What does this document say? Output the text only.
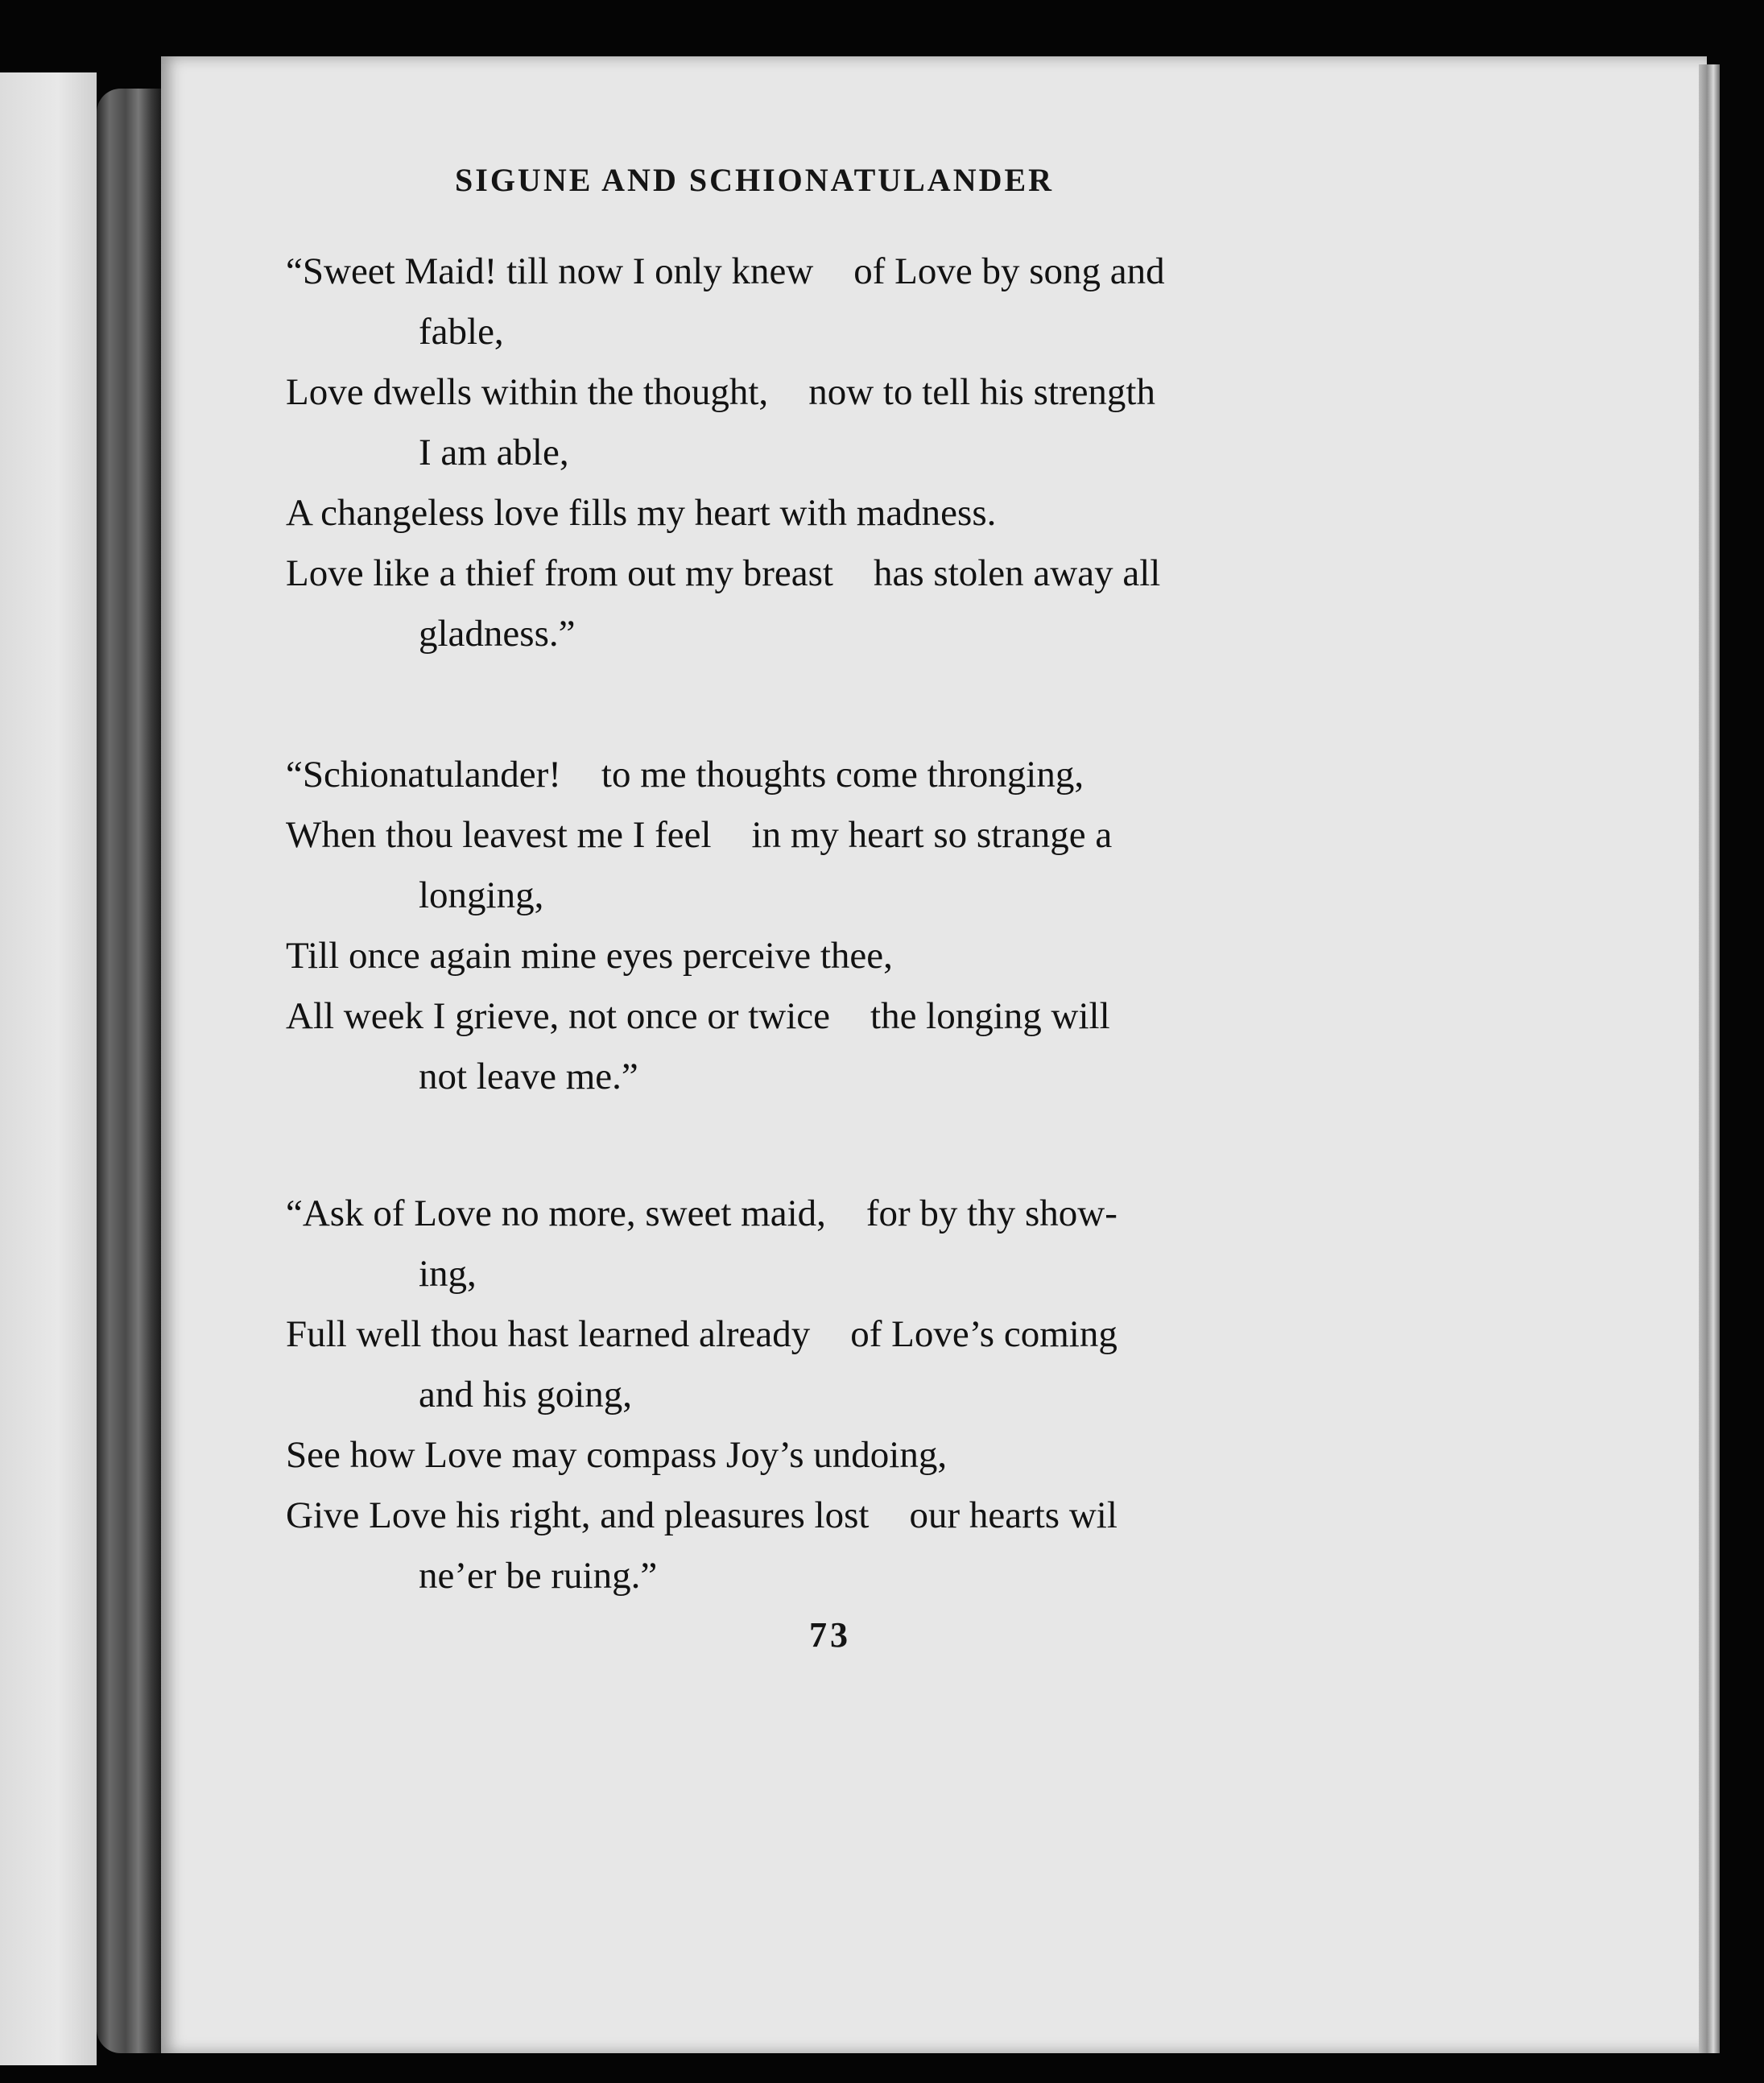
SIGUNE AND SCHIONATULANDER
“Sweet Maid! till now I only knew of Love by song and
fable,
Love dwells within the thought, now to tell his strength
I am able,
A changeless love fills my heart with madness.
Love like a thief from out my breast has stolen away all
gladness.”
“Schionatulander! to me thoughts come thronging,
When thou leavest me I feel in my heart so strange a
longing,
Till once again mine eyes perceive thee,
All week I grieve, not once or twice the longing will
not leave me.”
“Ask of Love no more, sweet maid, for by thy show-
ing,
Full well thou hast learned already of Love’s coming
and his going,
See how Love may compass Joy’s undoing,
Give Love his right, and pleasures lost our hearts wil
ne’er be ruing.”
73
